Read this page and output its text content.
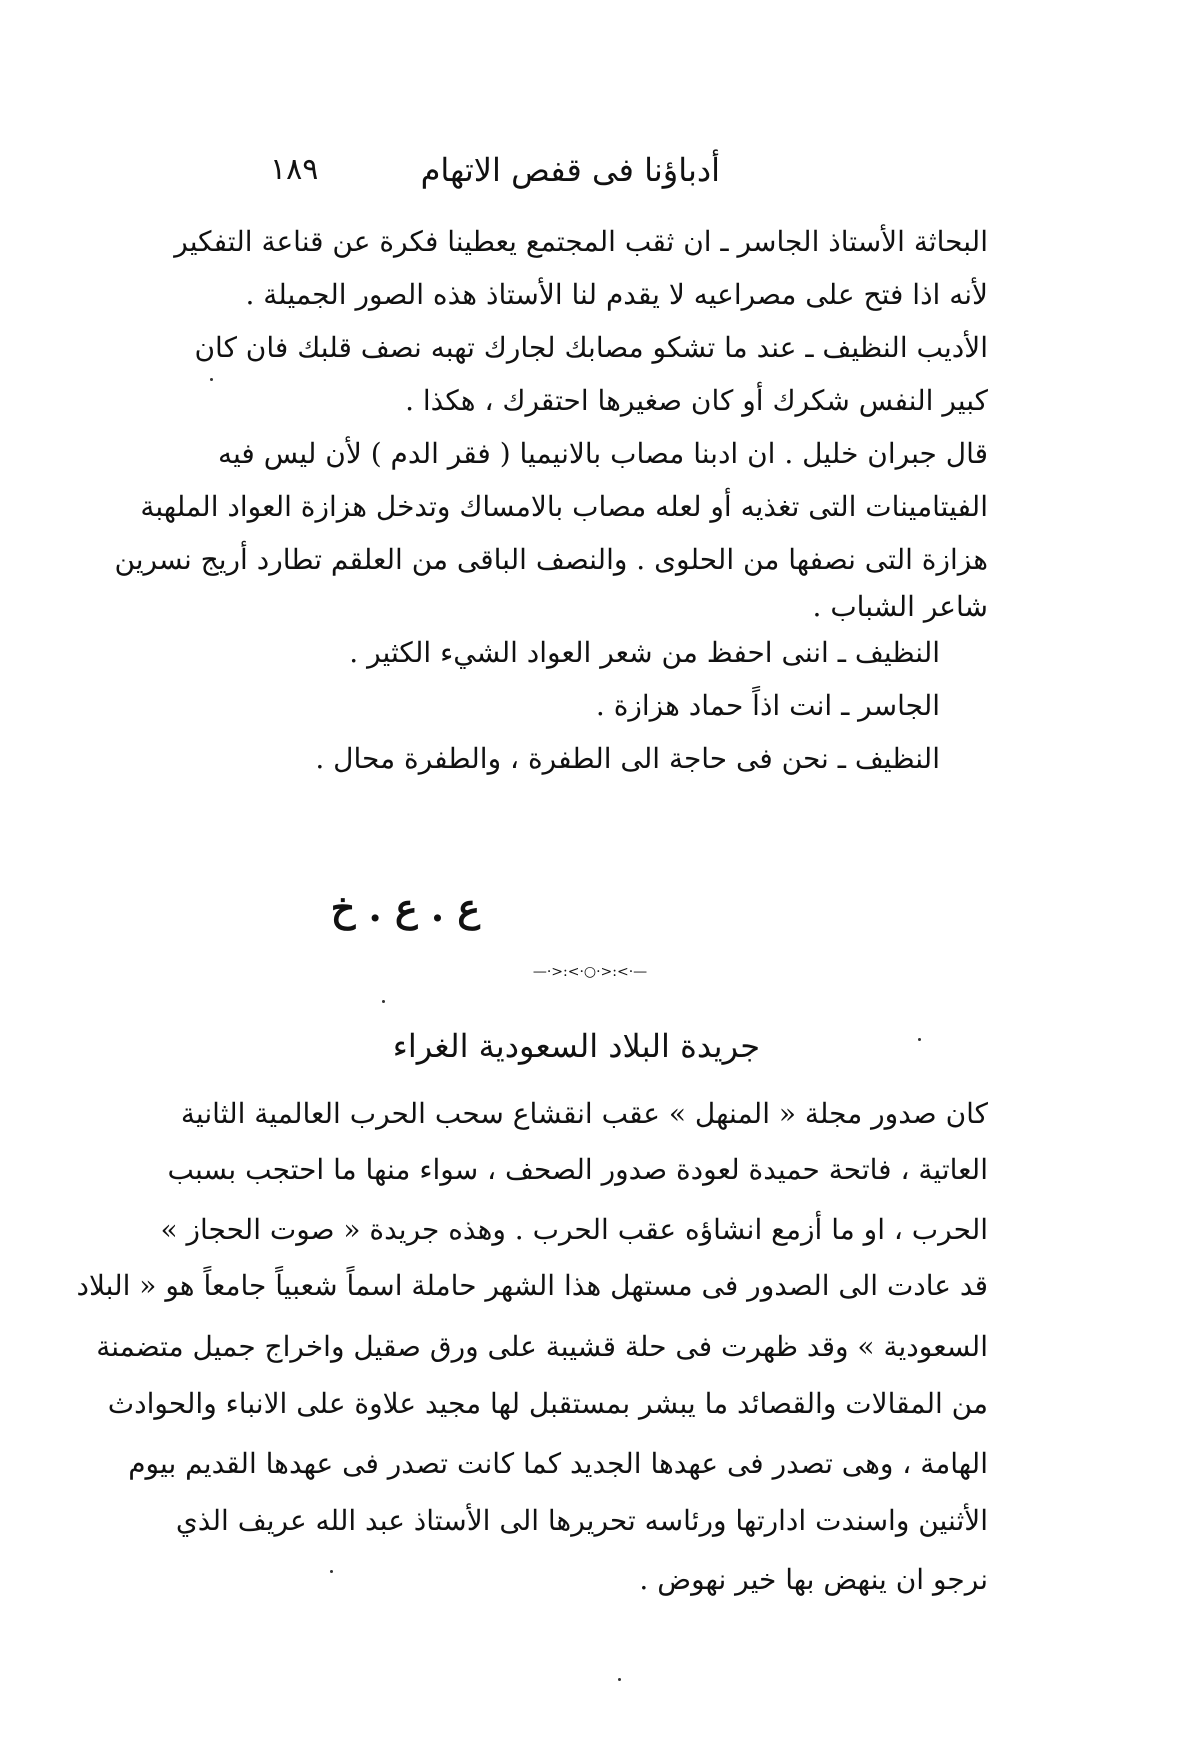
أدباؤنا فى قفص الاتهام
١٨٩
البحاثة الأستاذ الجاسر ـ ان ثقب المجتمع يعطينا فكرة عن قناعة التفكير
لأنه اذا فتح على مصراعيه لا يقدم لنا الأستاذ هذه الصور الجميلة .
الأديب النظيف ـ عند ما تشكو مصابك لجارك تهبه نصف قلبك فان كان
كبير النفس شكرك أو كان صغيرها احتقرك ، هكذا .
قال جبران خليل . ان ادبنا مصاب بالانيميا ( فقر الدم ) لأن ليس فيه
الفيتامينات التى تغذيه أو لعله مصاب بالامساك وتدخل هزازة العواد الملهبة
هزازة التى نصفها من الحلوى . والنصف الباقى من العلقم تطارد أريج نسرين
شاعر الشباب .
النظيف ـ اننى احفظ من شعر العواد الشيء الكثير .
الجاسر ـ انت اذاً حماد هزازة .
النظيف ـ نحن فى حاجة الى الطفرة ، والطفرة محال .
ع . ع . خ
—·>:<·○·>:<·—
جريدة البلاد السعودية الغراء
كان صدور مجلة « المنهل » عقب انقشاع سحب الحرب العالمية الثانية
العاتية ، فاتحة حميدة لعودة صدور الصحف ، سواء منها ما احتجب بسبب
الحرب ، او ما أزمع انشاؤه عقب الحرب . وهذه جريدة « صوت الحجاز »
قد عادت الى الصدور فى مستهل هذا الشهر حاملة اسماً شعبياً جامعاً هو « البلاد
السعودية » وقد ظهرت فى حلة قشيبة على ورق صقيل واخراج جميل متضمنة
من المقالات والقصائد ما يبشر بمستقبل لها مجيد علاوة على الانباء والحوادث
الهامة ، وهى تصدر فى عهدها الجديد كما كانت تصدر فى عهدها القديم بيوم
الأثنين واسندت ادارتها ورئاسه تحريرها الى الأستاذ عبد الله عريف الذي
نرجو ان ينهض بها خير نهوض .
